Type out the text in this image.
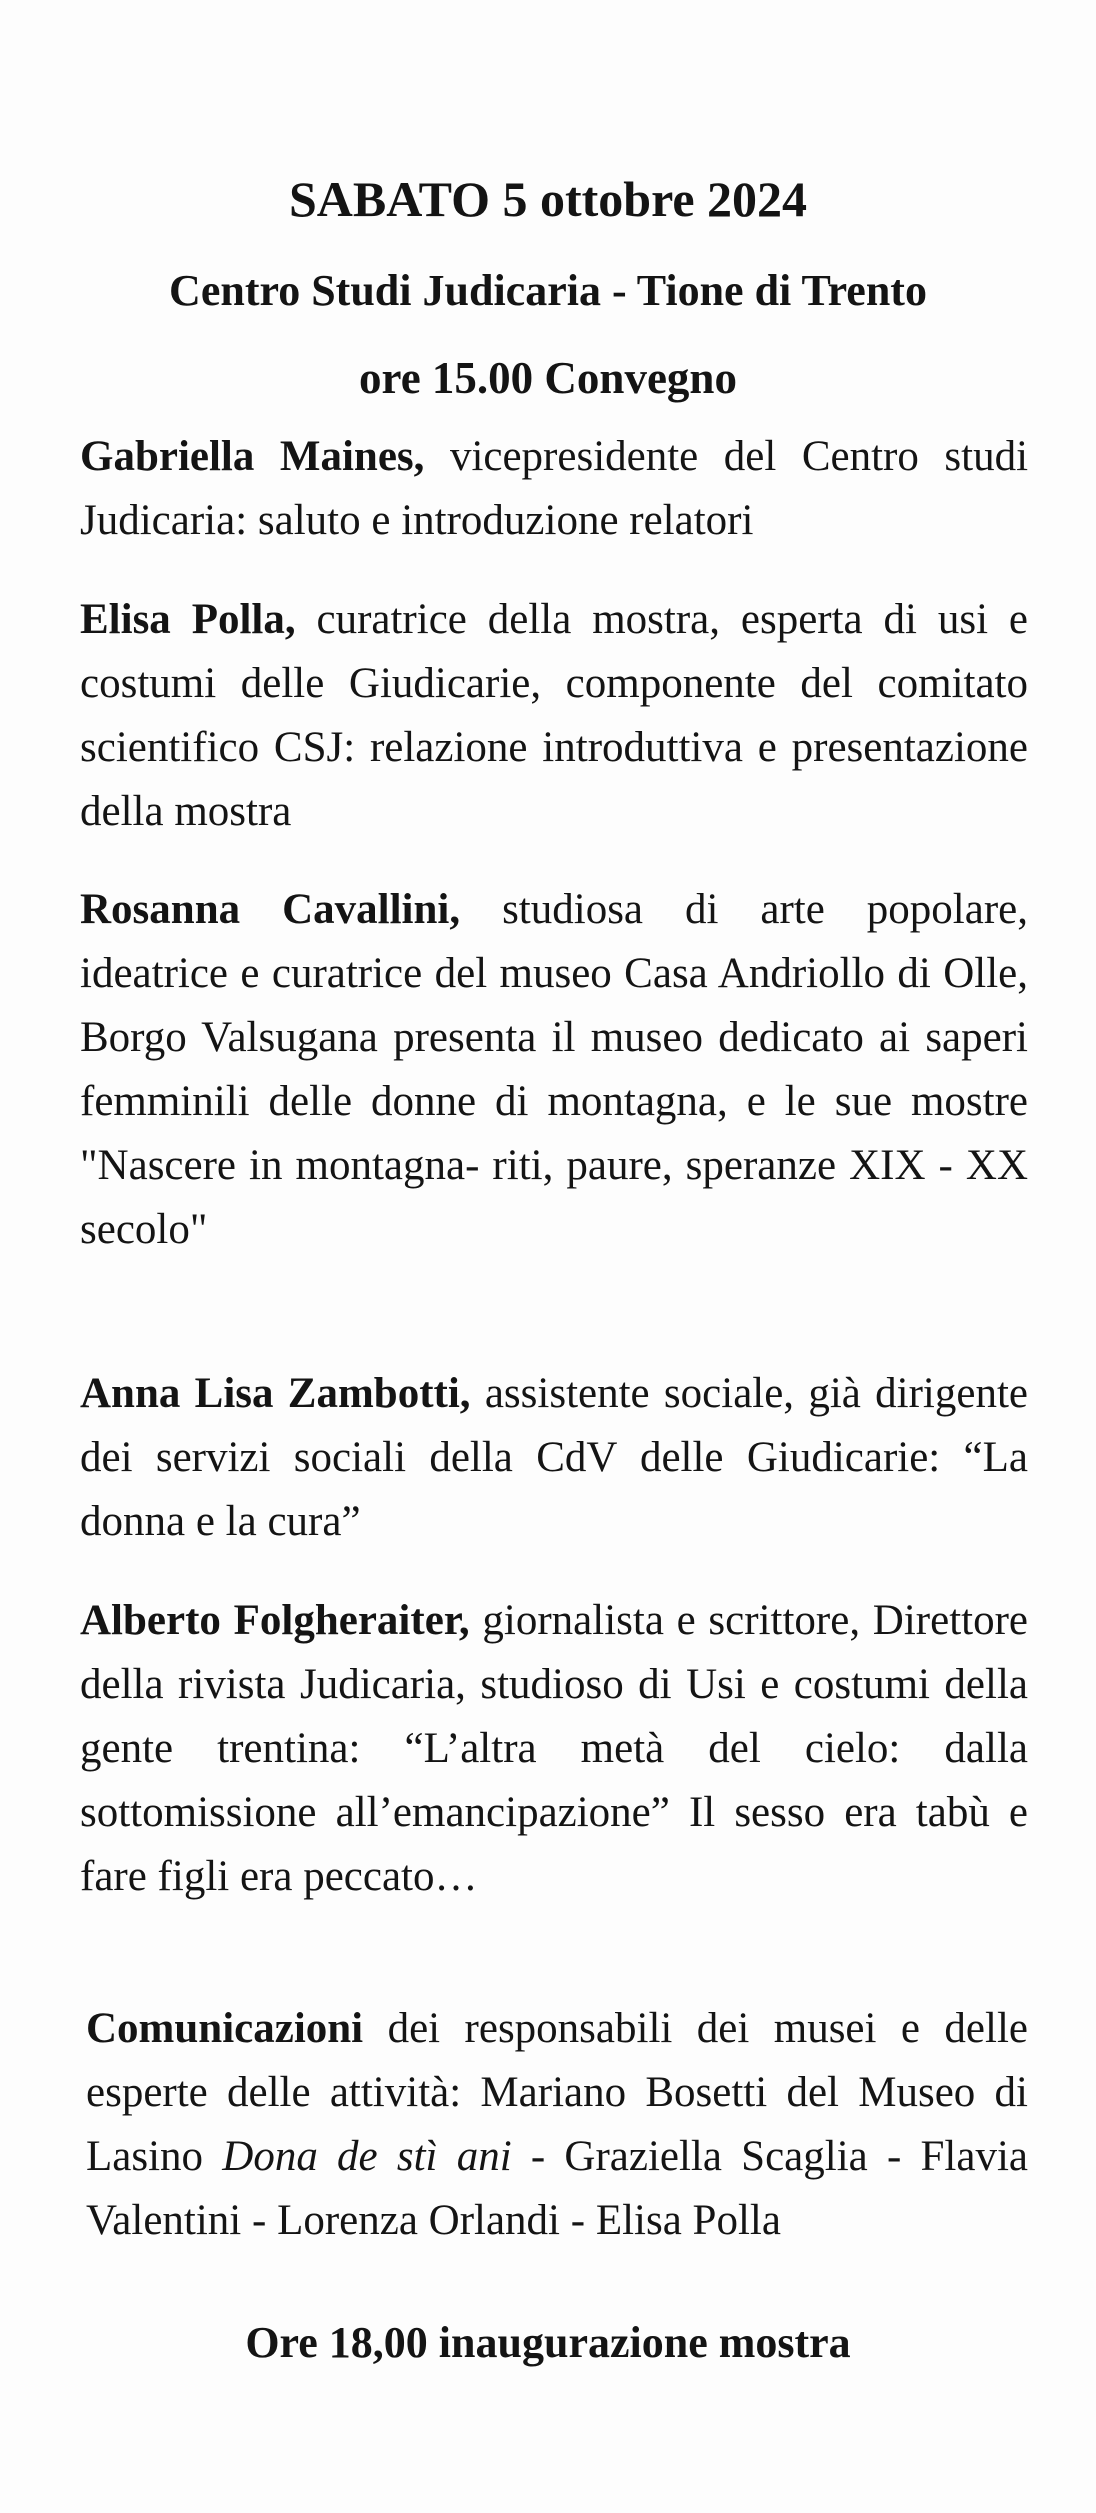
SABATO 5 ottobre 2024
Centro Studi Judicaria - Tione di Trento
ore 15.00 Convegno

Gabriella Maines, vicepresidente del Centro studi Judicaria: saluto e introduzione relatori

Elisa Polla, curatrice della mostra, esperta di usi e costumi delle Giudicarie, componente del comitato scientifico CSJ: relazione introduttiva e presentazione della mostra

Rosanna Cavallini, studiosa di arte popolare, ideatrice e curatrice del museo Casa Andriollo di Olle, Borgo Valsugana presenta il museo dedicato ai saperi femminili delle donne di montagna, e le sue mostre "Nascere in montagna- riti, paure, speranze XIX - XX secolo"

Anna Lisa Zambotti, assistente sociale, già dirigente dei servizi sociali della CdV delle Giudicarie: “La donna e la cura”

Alberto Folgheraiter, giornalista e scrittore, Direttore della rivista Judicaria, studioso di Usi e costumi della gente trentina: “L’altra metà del cielo: dalla sottomissione all’emancipazione” Il sesso era tabù e fare figli era peccato…

Comunicazioni dei responsabili dei musei e delle esperte delle attività: Mariano Bosetti del Museo di Lasino Dona de stì ani - Graziella Scaglia - Flavia Valentini - Lorenza Orlandi - Elisa Polla

Ore 18,00 inaugurazione mostra
